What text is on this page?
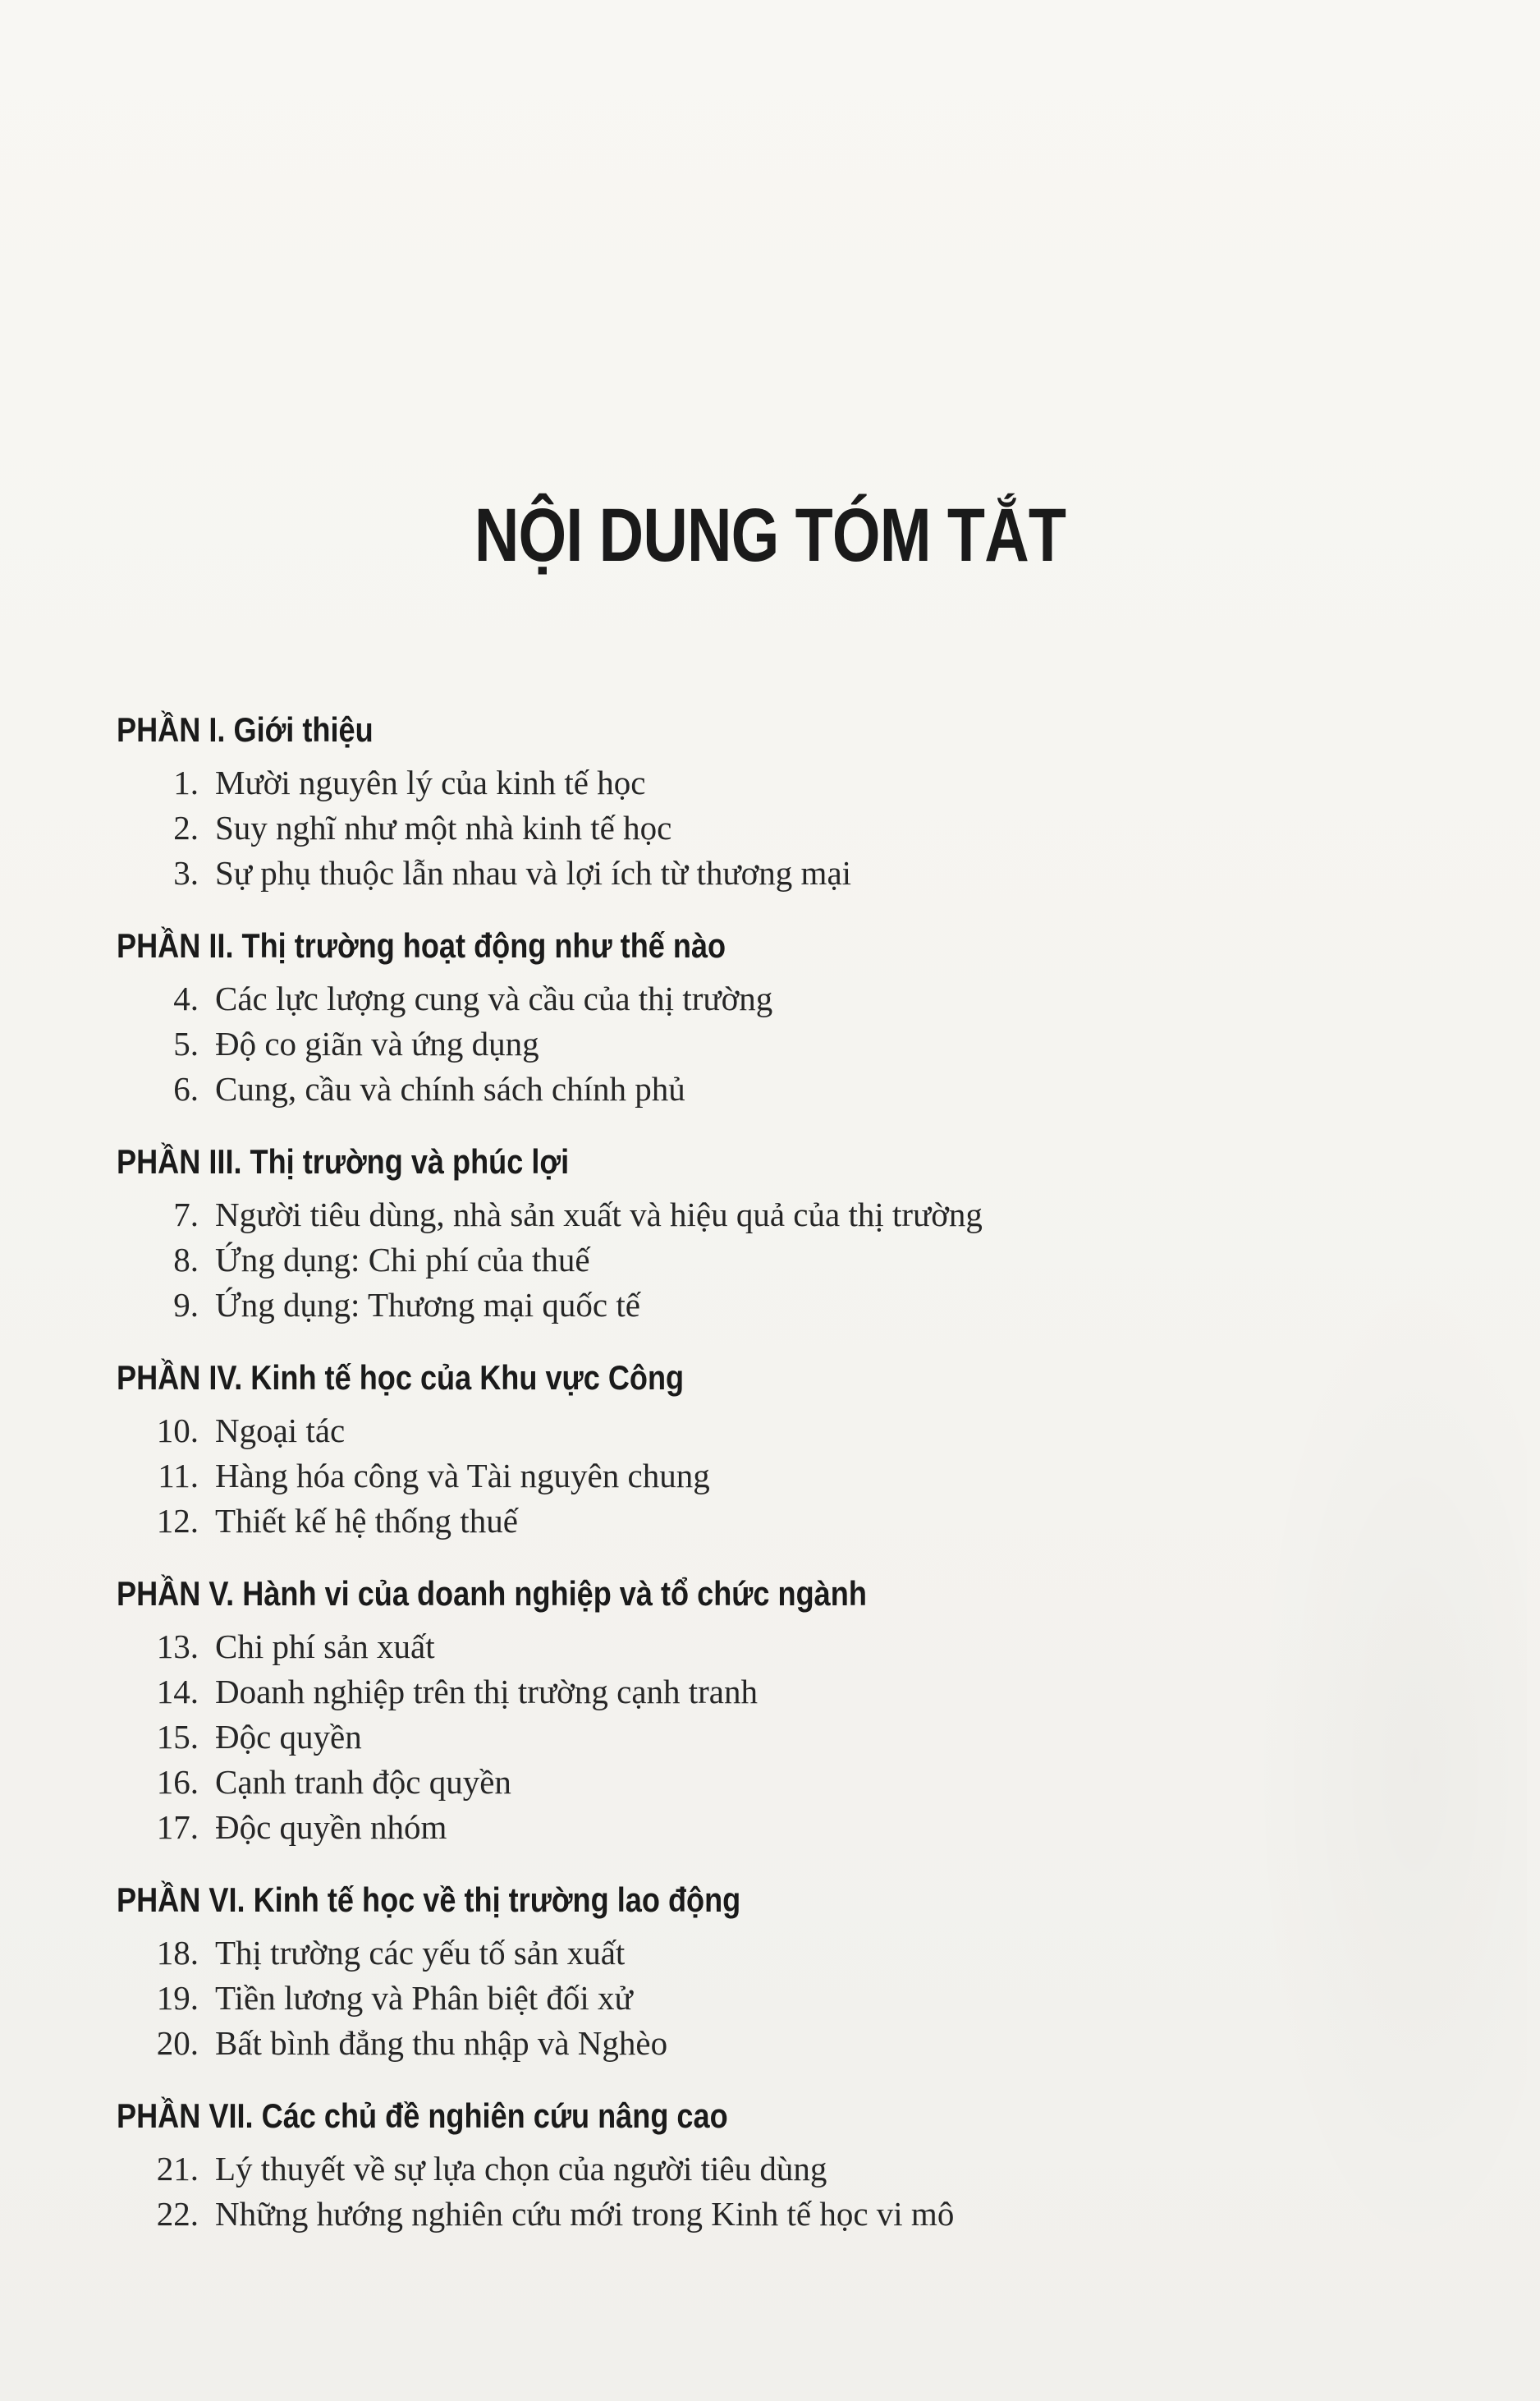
NỘI DUNG TÓM TẮT
PHẦN I. Giới thiệu
1. Mười nguyên lý của kinh tế học
2. Suy nghĩ như một nhà kinh tế học
3. Sự phụ thuộc lẫn nhau và lợi ích từ thương mại
PHẦN II. Thị trường hoạt động như thế nào
4. Các lực lượng cung và cầu của thị trường
5. Độ co giãn và ứng dụng
6. Cung, cầu và chính sách chính phủ
PHẦN III. Thị trường và phúc lợi
7. Người tiêu dùng, nhà sản xuất và hiệu quả của thị trường
8. Ứng dụng: Chi phí của thuế
9. Ứng dụng: Thương mại quốc tế
PHẦN IV. Kinh tế học của Khu vực Công
10. Ngoại tác
11. Hàng hóa công và Tài nguyên chung
12. Thiết kế hệ thống thuế
PHẦN V. Hành vi của doanh nghiệp và tổ chức ngành
13. Chi phí sản xuất
14. Doanh nghiệp trên thị trường cạnh tranh
15. Độc quyền
16. Cạnh tranh độc quyền
17. Độc quyền nhóm
PHẦN VI. Kinh tế học về thị trường lao động
18. Thị trường các yếu tố sản xuất
19. Tiền lương và Phân biệt đối xử
20. Bất bình đẳng thu nhập và Nghèo
PHẦN VII. Các chủ đề nghiên cứu nâng cao
21. Lý thuyết về sự lựa chọn của người tiêu dùng
22. Những hướng nghiên cứu mới trong Kinh tế học vi mô
